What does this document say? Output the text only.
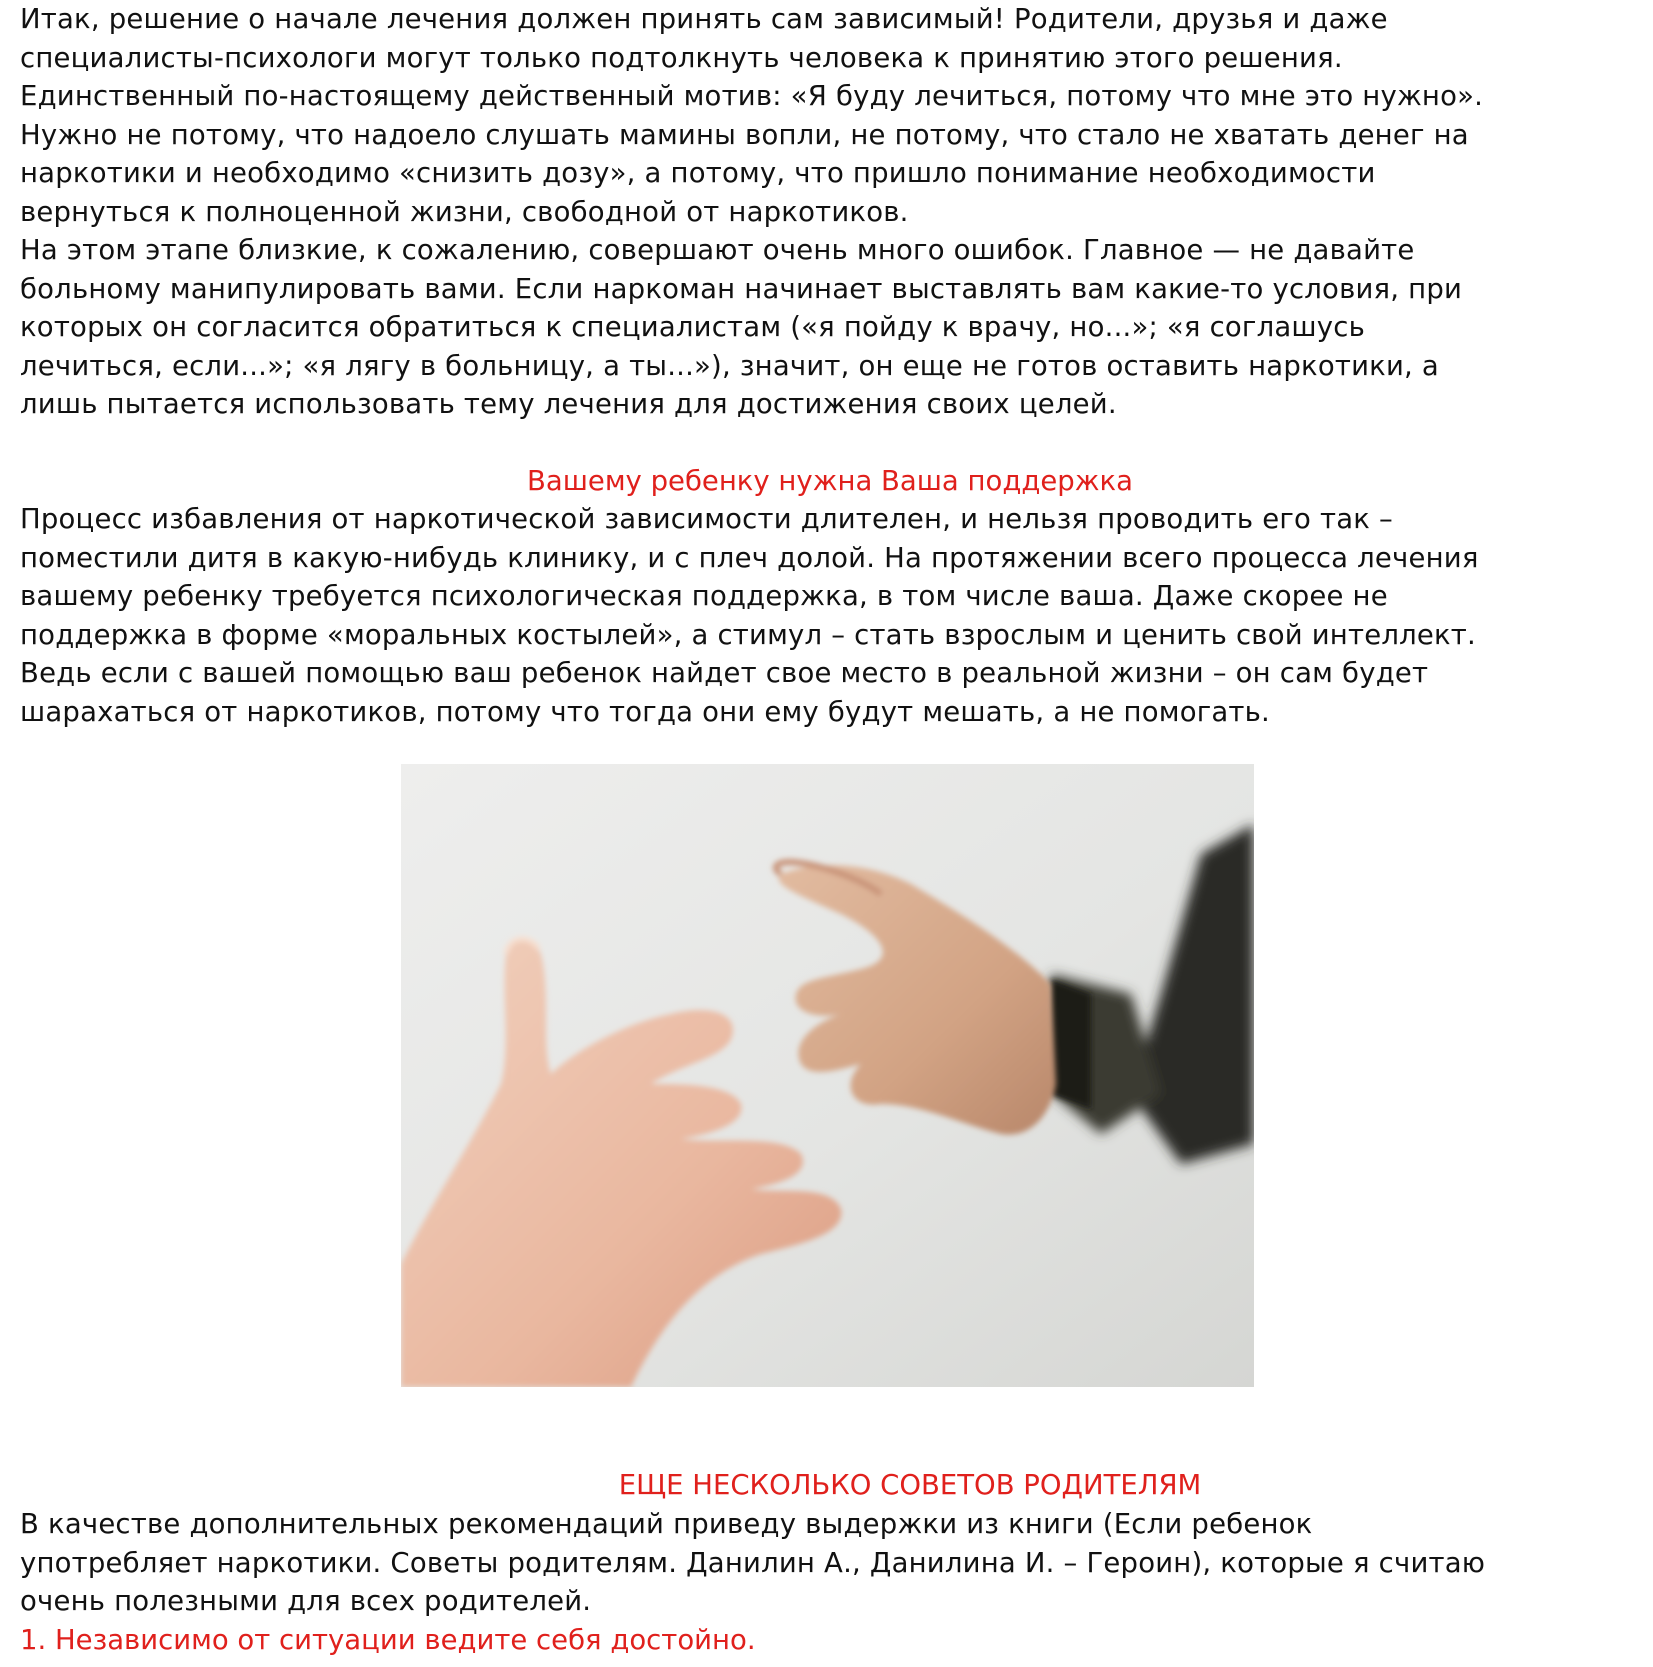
Итак, решение о начале лечения должен принять сам зависимый! Родители, друзья и даже
специалисты-психологи могут только подтолкнуть человека к принятию этого решения.
Единственный по-настоящему действенный мотив: «Я буду лечиться, потому что мне это нужно».
Нужно не потому, что надоело слушать мамины вопли, не потому, что стало не хватать денег на
наркотики и необходимо «снизить дозу», а потому, что пришло понимание необходимости
вернуться к полноценной жизни, свободной от наркотиков.

На этом этапе близкие, к сожалению, совершают очень много ошибок. Главное — не давайте
больному манипулировать вами. Если наркоман начинает выставлять вам какие-то условия, при
которых он согласится обратиться к специалистам («я пойду к врачу, но...»; «я соглашусь
лечиться, если...»; «я лягу в больницу, а ты...»), значит, он еще не готов оставить наркотики, а
лишь пытается использовать тему лечения для достижения своих целей.

Вашему ребенку нужна Ваша поддержка

Процесс избавления от наркотической зависимости длителен, и нельзя проводить его так –
поместили дитя в какую-нибудь клинику, и с плеч долой. На протяжении всего процесса лечения
вашему ребенку требуется психологическая поддержка, в том числе ваша. Даже скорее не
поддержка в форме «моральных костылей», а стимул – стать взрослым и ценить свой интеллект.
Ведь если с вашей помощью ваш ребенок найдет свое место в реальной жизни – он сам будет
шарахаться от наркотиков, потому что тогда они ему будут мешать, а не помогать.

ЕЩЕ НЕСКОЛЬКО СОВЕТОВ РОДИТЕЛЯМ

В качестве дополнительных рекомендаций приведу выдержки из книги (Если ребенок
употребляет наркотики. Советы родителям. Данилин А., Данилина И. – Героин), которые я считаю
очень полезными для всех родителей.

1. Независимо от ситуации ведите себя достойно.
